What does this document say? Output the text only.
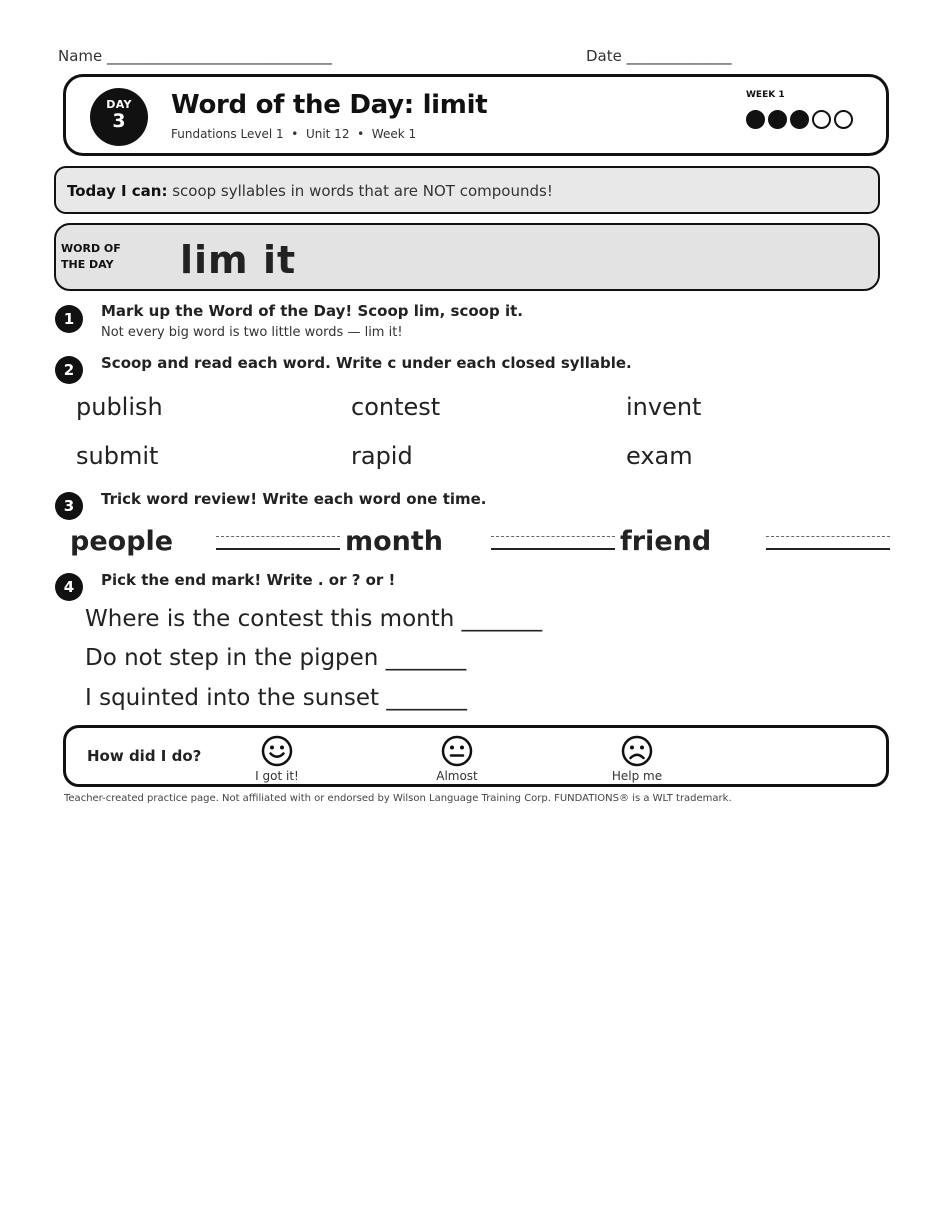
Name ______________________________	Date ______________
DAY
3
Word of the Day: limit
Fundations Level 1  •  Unit 12  •  Week 1
WEEK 1
Today I can: scoop syllables in words that are NOT compounds!
WORD OF
THE DAY lim it
1	Mark up the Word of the Day! Scoop lim, scoop it.
Not every big word is two little words — lim it!
2	Scoop and read each word. Write c under each closed syllable.
publish	contest	invent
submit	rapid	exam
3	Trick word review! Write each word one time.
people	month	friend
4	Pick the end mark! Write . or ? or !
Where is the contest this month _______
Do not step in the pigpen _______
I squinted into the sunset _______
How did I do?
I got it!	Almost	Help me
Teacher-created practice page. Not affiliated with or endorsed by Wilson Language Training Corp. FUNDATIONS® is a WLT trademark.
